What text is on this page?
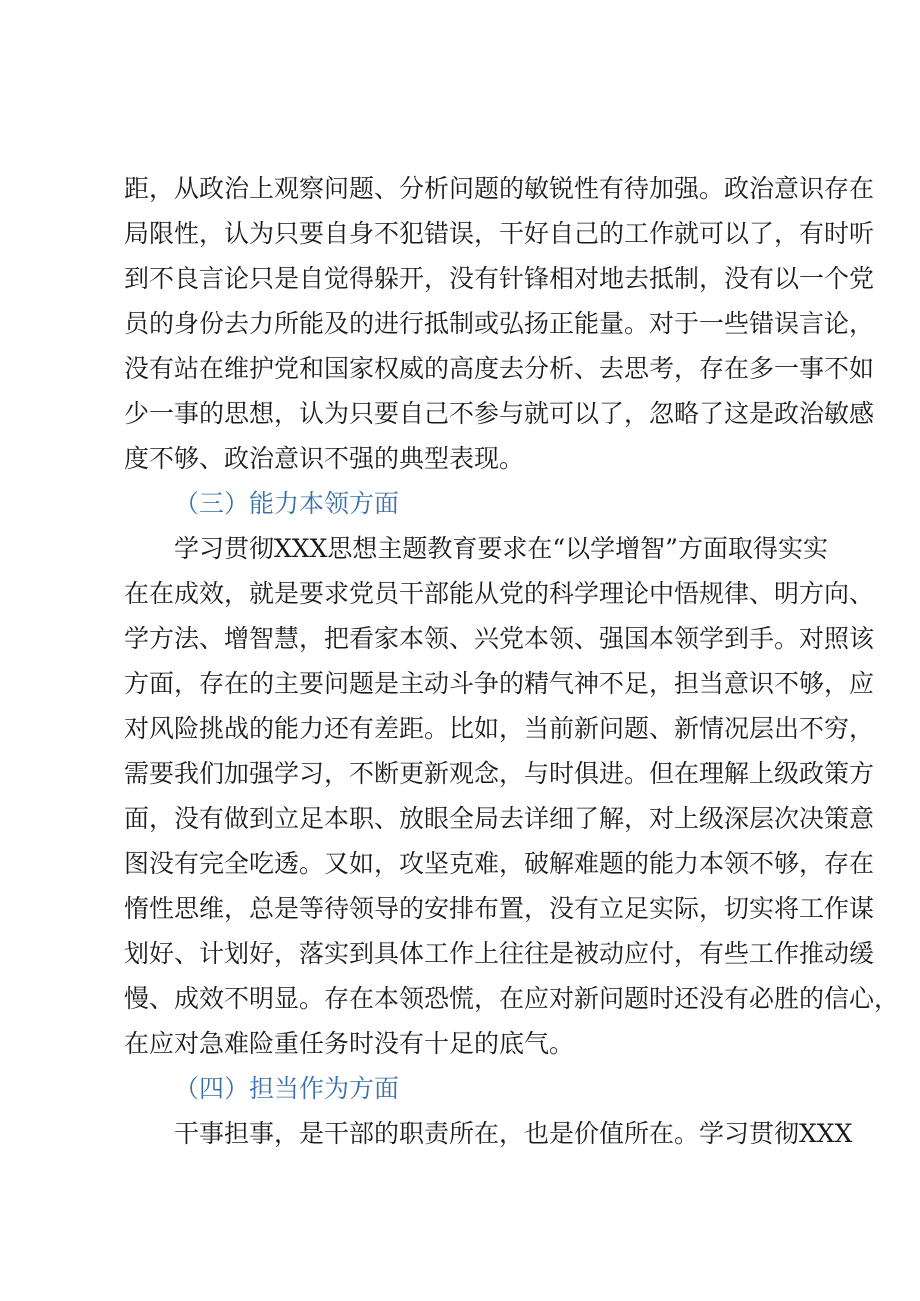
距，从政治上观察问题、分析问题的敏锐性有待加强。政治意识存在
局限性，认为只要自身不犯错误，干好自己的工作就可以了，有时听
到不良言论只是自觉得躲开，没有针锋相对地去抵制，没有以一个党
员的身份去力所能及的进行抵制或弘扬正能量。对于一些错误言论，
没有站在维护党和国家权威的高度去分析、去思考，存在多一事不如
少一事的思想，认为只要自己不参与就可以了，忽略了这是政治敏感
度不够、政治意识不强的典型表现。
（三）能力本领方面
学习贯彻XXX思想主题教育要求在“以学增智”方面取得实实
在在成效，就是要求党员干部能从党的科学理论中悟规律、明方向、
学方法、增智慧，把看家本领、兴党本领、强国本领学到手。对照该
方面，存在的主要问题是主动斗争的精气神不足，担当意识不够，应
对风险挑战的能力还有差距。比如，当前新问题、新情况层出不穷，
需要我们加强学习，不断更新观念，与时俱进。但在理解上级政策方
面，没有做到立足本职、放眼全局去详细了解，对上级深层次决策意
图没有完全吃透。又如，攻坚克难，破解难题的能力本领不够，存在
惰性思维，总是等待领导的安排布置，没有立足实际，切实将工作谋
划好、计划好，落实到具体工作上往往是被动应付，有些工作推动缓
慢、成效不明显。存在本领恐慌，在应对新问题时还没有必胜的信心，
在应对急难险重任务时没有十足的底气。
（四）担当作为方面
干事担事，是干部的职责所在，也是价值所在。学习贯彻XXX
